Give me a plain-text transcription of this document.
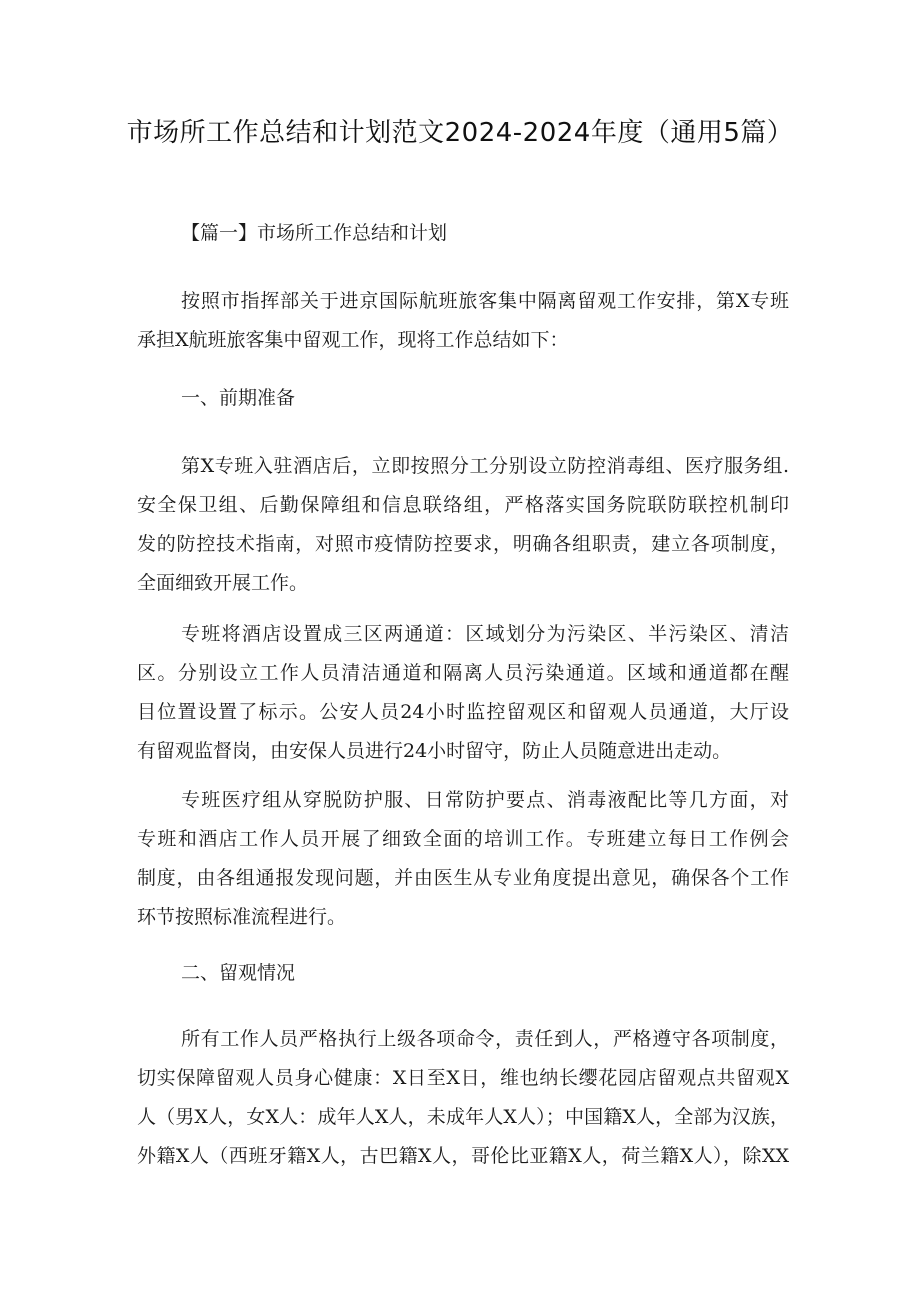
市场所工作总结和计划范文2024-2024年度（通用5篇）
【篇一】市场所工作总结和计划
按照市指挥部关于进京国际航班旅客集中隔离留观工作安排，第X专班
承担X航班旅客集中留观工作，现将工作总结如下：
一、前期准备
第X专班入驻酒店后，立即按照分工分别设立防控消毒组、医疗服务组.
安全保卫组、后勤保障组和信息联络组，严格落实国务院联防联控机制印
发的防控技术指南，对照市疫情防控要求，明确各组职责，建立各项制度，
全面细致开展工作。
专班将酒店设置成三区两通道：区域划分为污染区、半污染区、清洁
区。分别设立工作人员清洁通道和隔离人员污染通道。区域和通道都在醒
目位置设置了标示。公安人员24小时监控留观区和留观人员通道，大厅设
有留观监督岗，由安保人员进行24小时留守，防止人员随意进出走动。
专班医疗组从穿脱防护服、日常防护要点、消毒液配比等几方面，对
专班和酒店工作人员开展了细致全面的培训工作。专班建立每日工作例会
制度，由各组通报发现问题，并由医生从专业角度提出意见，确保各个工作
环节按照标准流程进行。
二、留观情况
所有工作人员严格执行上级各项命令，责任到人，严格遵守各项制度，
切实保障留观人员身心健康：X日至X日，维也纳长缨花园店留观点共留观X
人（男X人，女X人：成年人X人，未成年人X人）；中国籍X人，全部为汉族，
外籍X人（西班牙籍X人，古巴籍X人，哥伦比亚籍X人，荷兰籍X人），除XX
